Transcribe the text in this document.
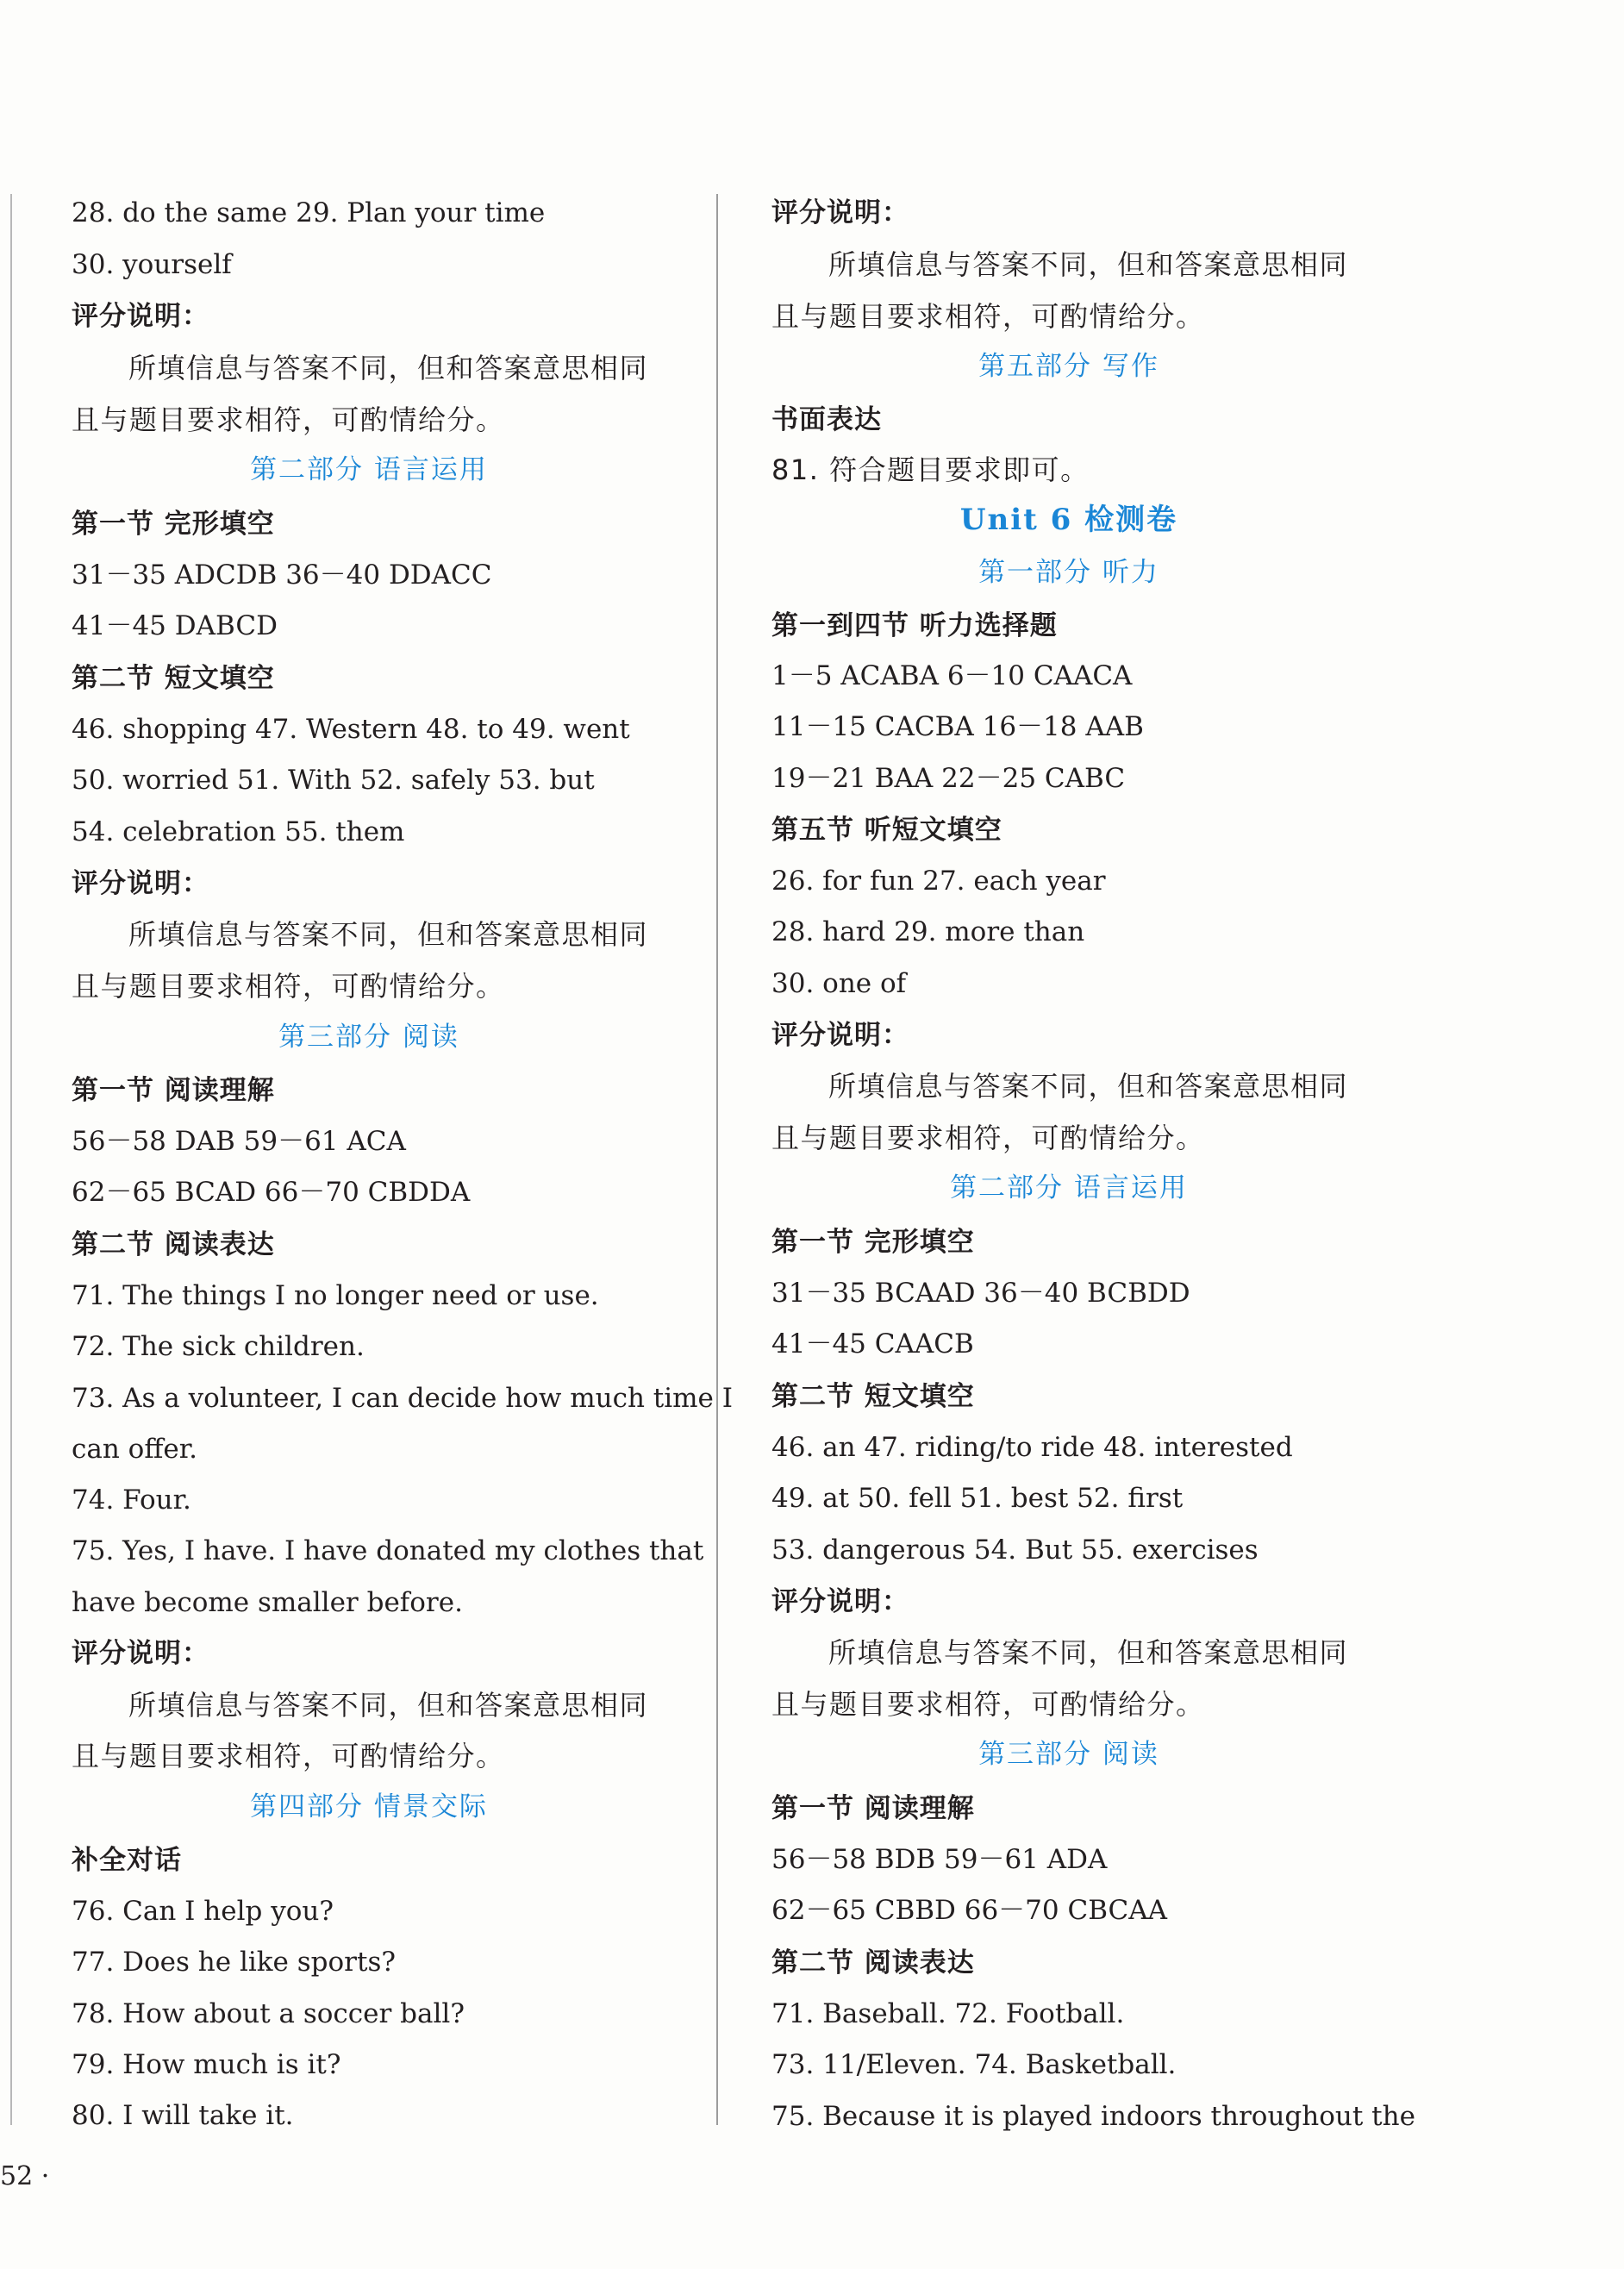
28. do the same 29. Plan your time
30. yourself
评分说明：
所填信息与答案不同，但和答案意思相同
且与题目要求相符，可酌情给分。
第二部分 语言运用
第一节 完形填空
31－35 ADCDB 36－40 DDACC
41－45 DABCD
第二节 短文填空
46. shopping 47. Western 48. to 49. went
50. worried 51. With 52. safely 53. but
54. celebration 55. them
评分说明：
所填信息与答案不同，但和答案意思相同
且与题目要求相符，可酌情给分。
第三部分 阅读
第一节 阅读理解
56－58 DAB 59－61 ACA
62－65 BCAD 66－70 CBDDA
第二节 阅读表达
71. The things I no longer need or use.
72. The sick children.
73. As a volunteer, I can decide how much time I
can offer.
74. Four.
75. Yes, I have. I have donated my clothes that
have become smaller before.
评分说明：
所填信息与答案不同，但和答案意思相同
且与题目要求相符，可酌情给分。
第四部分 情景交际
补全对话
76. Can I help you?
77. Does he like sports?
78. How about a soccer ball?
79. How much is it?
80. I will take it.
评分说明：
所填信息与答案不同，但和答案意思相同
且与题目要求相符，可酌情给分。
第五部分 写作
书面表达
81. 符合题目要求即可。
Unit 6 检测卷
第一部分 听力
第一到四节 听力选择题
1－5 ACABA 6－10 CAACA
11－15 CACBA 16－18 AAB
19－21 BAA 22－25 CABC
第五节 听短文填空
26. for fun 27. each year
28. hard 29. more than
30. one of
评分说明：
所填信息与答案不同，但和答案意思相同
且与题目要求相符，可酌情给分。
第二部分 语言运用
第一节 完形填空
31－35 BCAAD 36－40 BCBDD
41－45 CAACB
第二节 短文填空
46. an 47. riding/to ride 48. interested
49. at 50. fell 51. best 52. first
53. dangerous 54. But 55. exercises
评分说明：
所填信息与答案不同，但和答案意思相同
且与题目要求相符，可酌情给分。
第三部分 阅读
第一节 阅读理解
56－58 BDB 59－61 ADA
62－65 CBBD 66－70 CBCAA
第二节 阅读表达
71. Baseball. 72. Football.
73. 11/Eleven. 74. Basketball.
75. Because it is played indoors throughout the
52 ·
